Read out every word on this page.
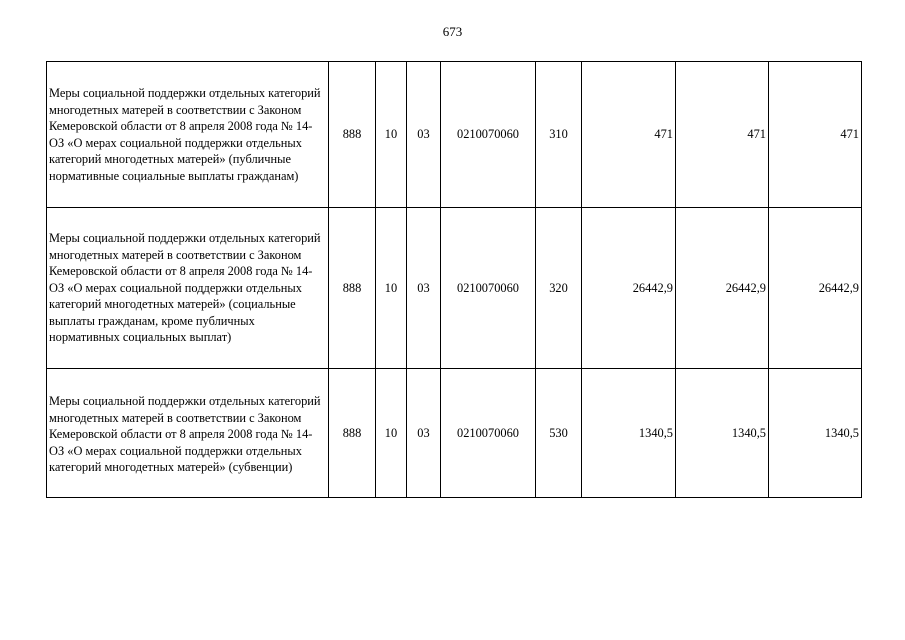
673
Меры социальной поддержки отдельных категорий многодетных матерей в соответствии с Законом Кемеровской области от 8 апреля 2008 года № 14-ОЗ «О мерах социальной поддержки отдельных категорий многодетных матерей» (публичные нормативные социальные выплаты гражданам)	888	10	03	0210070060	310	471	471	471
Меры социальной поддержки отдельных категорий многодетных матерей в соответствии с Законом Кемеровской области от 8 апреля 2008 года № 14-ОЗ «О мерах социальной поддержки отдельных категорий многодетных матерей» (социальные выплаты гражданам, кроме публичных нормативных социальных выплат)	888	10	03	0210070060	320	26442,9	26442,9	26442,9
Меры социальной поддержки отдельных категорий многодетных матерей в соответствии с Законом Кемеровской области от 8 апреля 2008 года № 14-ОЗ «О мерах социальной поддержки отдельных категорий многодетных матерей» (субвенции)	888	10	03	0210070060	530	1340,5	1340,5	1340,5
